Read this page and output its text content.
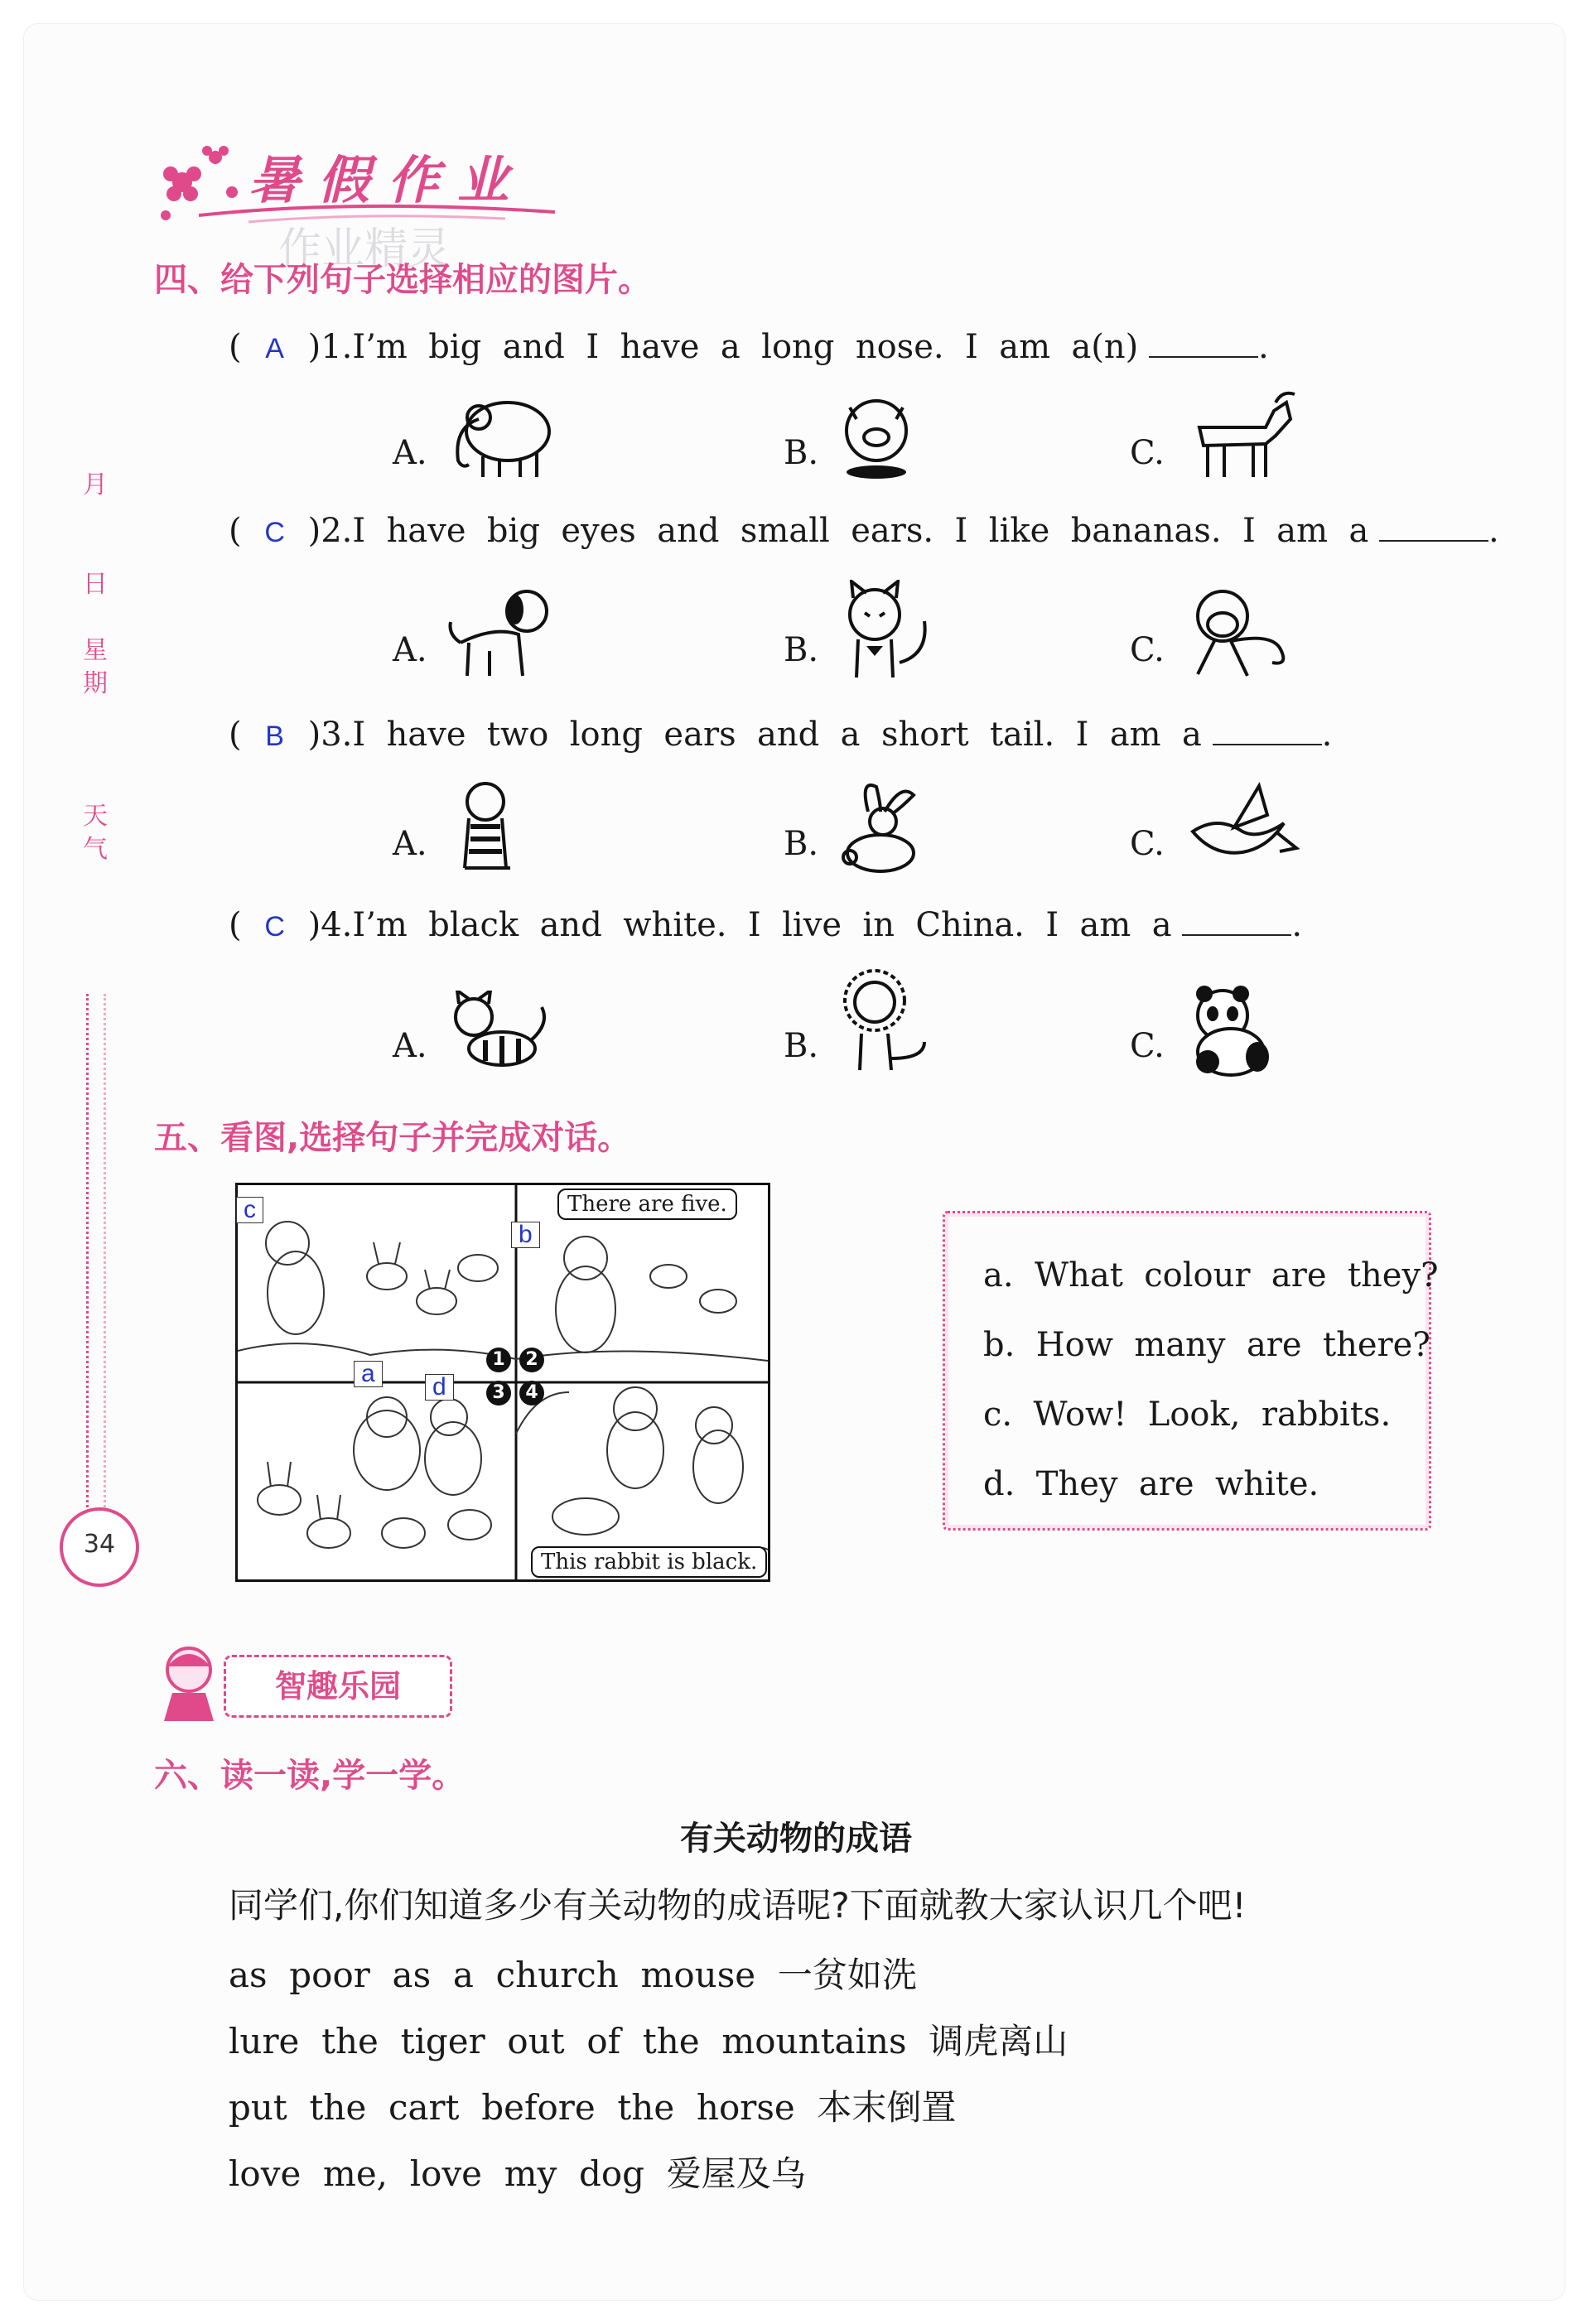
暑假作业
作业精灵
月
日
星
期
天
气
34
四、给下列句子选择相应的图片。
( A )1.I’m  big  and  I  have  a  long  nose.  I  am  a(n)	.
A.	B.	C.
( C )2.I  have  big  eyes  and  small  ears.  I  like  bananas.  I  am  a	.
A.	B.	C.
( B )3.I  have  two  long  ears  and  a  short  tail.  I  am  a	.
A.	B.	C.
( C )4.I’m  black  and  white.  I  live  in  China.  I  am  a	.
A.	B.	C.
五、看图,选择句子并完成对话。
c
b
a	d
1	2
3	4
There are five.
This rabbit is black.
a.  What  colour  are  they?
b.  How  many  are  there?
c.  Wow!  Look,  rabbits.
d.  They  are  white.
智趣乐园
六、读一读,学一学。
有关动物的成语
同学们,你们知道多少有关动物的成语呢?下面就教大家认识几个吧!
as  poor  as  a  church  mouse  一贫如洗
lure  the  tiger  out  of  the  mountains  调虎离山
put  the  cart  before  the  horse  本末倒置
love  me,  love  my  dog  爱屋及乌
